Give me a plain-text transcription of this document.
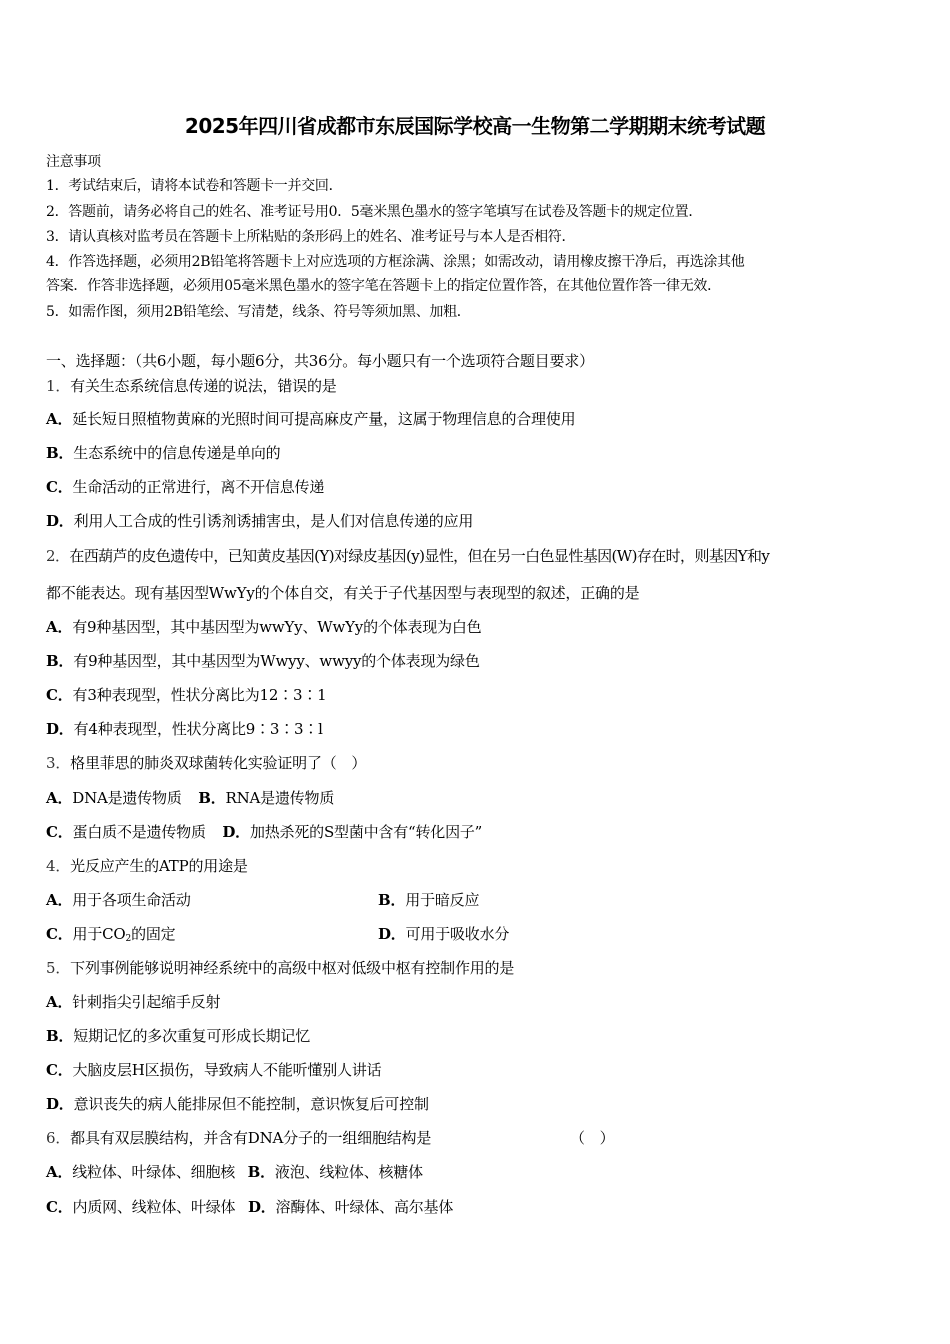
2025年四川省成都市东辰国际学校高一生物第二学期期末统考试题
注意事项
1．考试结束后，请将本试卷和答题卡一并交回．
2．答题前，请务必将自己的姓名、准考证号用0．5毫米黑色墨水的签字笔填写在试卷及答题卡的规定位置．
3．请认真核对监考员在答题卡上所粘贴的条形码上的姓名、准考证号与本人是否相符．
4．作答选择题，必须用2B铅笔将答题卡上对应选项的方框涂满、涂黑；如需改动，请用橡皮擦干净后，再选涂其他
答案．作答非选择题，必须用05毫米黑色墨水的签字笔在答题卡上的指定位置作答，在其他位置作答一律无效．
5．如需作图，须用2B铅笔绘、写清楚，线条、符号等须加黑、加粗．
一、选择题：（共6小题，每小题6分，共36分。每小题只有一个选项符合题目要求）
1．有关生态系统信息传递的说法，错误的是
A．延长短日照植物黄麻的光照时间可提高麻皮产量，这属于物理信息的合理使用
B．生态系统中的信息传递是单向的
C．生命活动的正常进行，离不开信息传递
D．利用人工合成的性引诱剂诱捕害虫，是人们对信息传递的应用
2．在西葫芦的皮色遗传中，已知黄皮基因(Y)对绿皮基因(y)显性，但在另一白色显性基因(W)存在时，则基因Y和y
都不能表达。现有基因型WwYy的个体自交，有关于子代基因型与表现型的叙述，正确的是
A．有9种基因型，其中基因型为wwYy、WwYy的个体表现为白色
B．有9种基因型，其中基因型为Wwyy、wwyy的个体表现为绿色
C．有3种表现型，性状分离比为12∶3∶1
D．有4种表现型，性状分离比9∶3∶3∶l
3．格里菲思的肺炎双球菌转化实验证明了（　）
A．DNA是遗传物质 B．RNA是遗传物质
C．蛋白质不是遗传物质 D．加热杀死的S型菌中含有“转化因子”
4．光反应产生的ATP的用途是
A．用于各项生命活动	B．用于暗反应
C．用于$CO_2$的固定	D．可用于吸收水分
5．下列事例能够说明神经系统中的高级中枢对低级中枢有控制作用的是
A．针刺指尖引起缩手反射
B．短期记忆的多次重复可形成长期记忆
C．大脑皮层H区损伤，导致病人不能听懂别人讲话
D．意识丧失的病人能排尿但不能控制，意识恢复后可控制
6．都具有双层膜结构，并含有DNA分子的一组细胞结构是	（　）
A．线粒体、叶绿体、细胞核 B．液泡、线粒体、核糖体
C．内质网、线粒体、叶绿体 D．溶酶体、叶绿体、高尔基体
